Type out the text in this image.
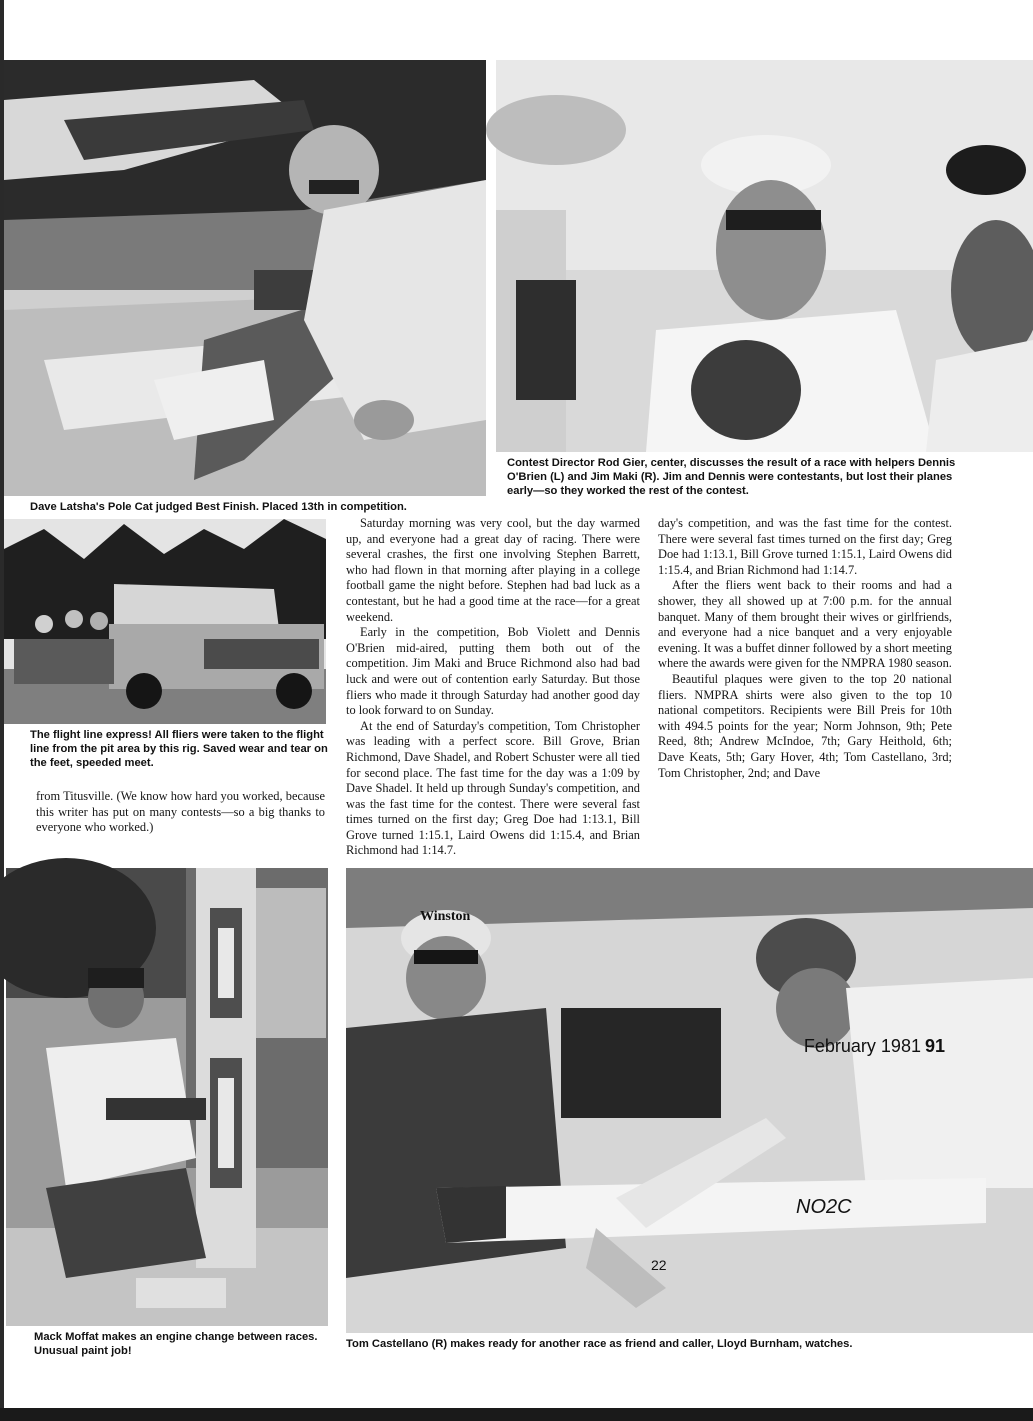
Dave Latsha's Pole Cat judged Best Finish. Placed 13th in competition.
Contest Director Rod Gier, center, discusses the result of a race with helpers Dennis O'Brien (L) and Jim Maki (R). Jim and Dennis were contestants, but lost their planes early—so they worked the rest of the contest.
The flight line express! All fliers were taken to the flight line from the pit area by this rig. Saved wear and tear on the feet, speeded meet.

from Titusville. (We know how hard you worked, because this writer has put on many contests—so a big thanks to everyone who worked.)

Saturday morning was very cool, but the day warmed up, and everyone had a great day of racing. There were several crashes, the first one involving Stephen Barrett, who had flown in that morning after playing in a college football game the night before. Stephen had bad luck as a contestant, but he had a good time at the race—for a great weekend.

Early in the competition, Bob Violett and Dennis O'Brien mid-aired, putting them both out of the competition. Jim Maki and Bruce Richmond also had bad luck and were out of contention early Saturday. But those fliers who made it through Saturday had another good day to look forward to on Sunday.

At the end of Saturday's competition, Tom Christopher was leading with a perfect score. Bill Grove, Brian Richmond, Dave Shadel, and Robert Schuster were all tied for second place. The fast time for the day was a 1:09 by Dave Shadel. It held up through Sunday's competition, and was the fast time for the contest. There were several fast times turned on the first day; Greg Doe had 1:13.1, Bill Grove turned 1:15.1, Laird Owens did 1:15.4, and Brian Richmond had 1:14.7.

day's competition, and was the fast time for the contest. There were several fast times turned on the first day; Greg Doe had 1:13.1, Bill Grove turned 1:15.1, Laird Owens did 1:15.4, and Brian Richmond had 1:14.7.

After the fliers went back to their rooms and had a shower, they all showed up at 7:00 p.m. for the annual banquet. Many of them brought their wives or girlfriends, and everyone had a nice banquet and a very enjoyable evening. It was a buffet dinner followed by a short meeting where the awards were given for the NMPRA 1980 season.

Beautiful plaques were given to the top 20 national fliers. NMPRA shirts were also given to the top 10 national competitors. Recipients were Bill Preis for 10th with 494.5 points for the year; Norm Johnson, 9th; Pete Reed, 8th; Andrew McIndoe, 7th; Gary Heithold, 6th; Dave Keats, 5th; Gary Hover, 4th; Tom Castellano, 3rd; Tom Christopher, 2nd; and Dave

Mack Moffat makes an engine change between races. Unusual paint job!
Winston
NO2C
22
Tom Castellano (R) makes ready for another race as friend and caller, Lloyd Burnham, watches.
February 1981 91
